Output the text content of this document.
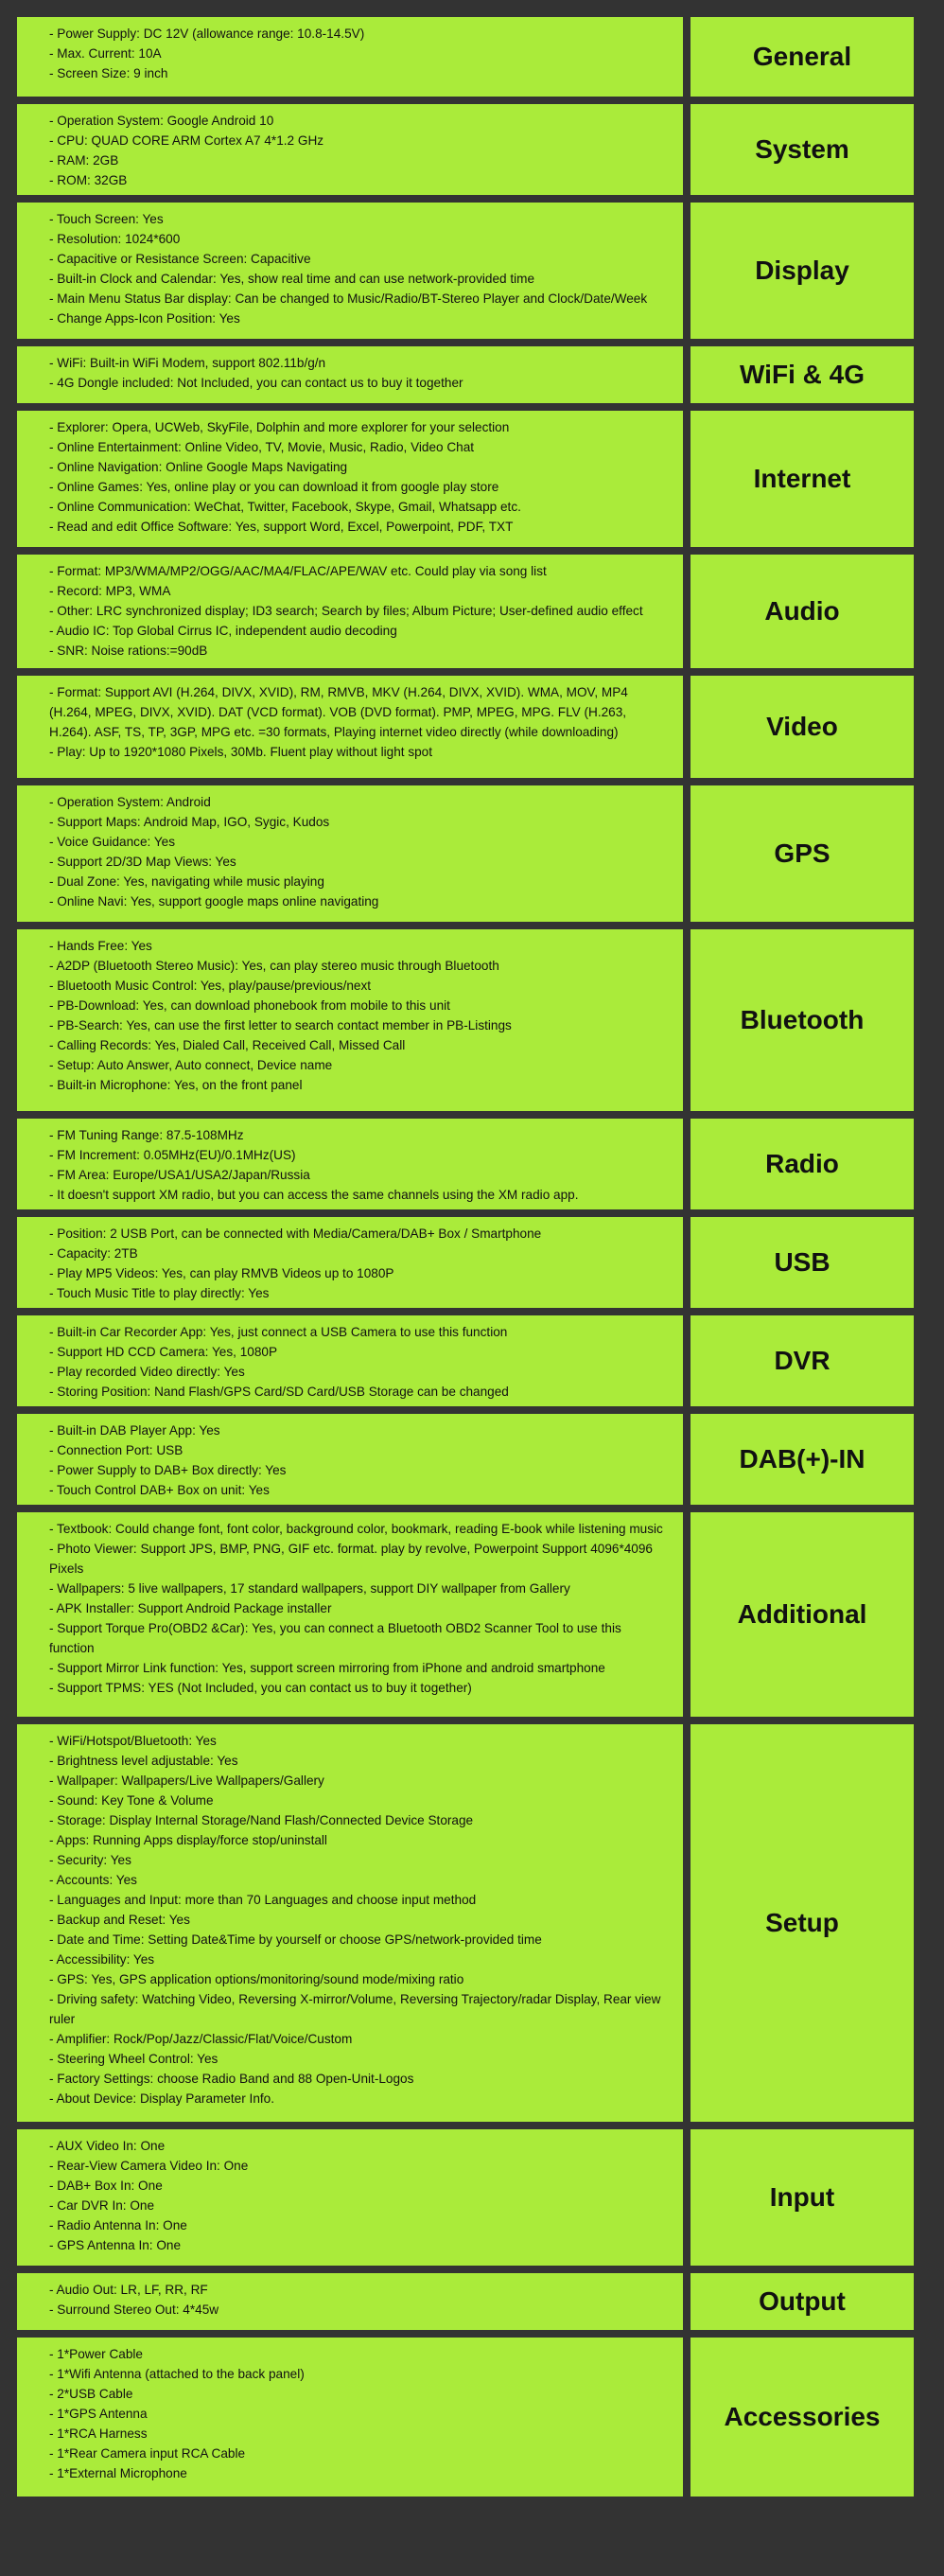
- Power Supply: DC 12V (allowance range: 10.8-14.5V)

- Max. Current: 10A

- Screen Size: 9 inch

General

- Operation System: Google Android 10

- CPU: QUAD CORE ARM Cortex A7 4*1.2 GHz

- RAM: 2GB

- ROM: 32GB

System

- Touch Screen: Yes

- Resolution: 1024*600

- Capacitive or Resistance Screen: Capacitive

- Built-in Clock and Calendar: Yes, show real time and can use network-provided time

- Main Menu Status Bar display: Can be changed to Music/Radio/BT-Stereo Player and Clock/Date/Week

- Change Apps-Icon Position: Yes

Display

- WiFi: Built-in WiFi Modem, support 802.11b/g/n

- 4G Dongle included: Not Included, you can contact us to buy it together	WiFi & 4G

- Explorer: Opera, UCWeb, SkyFile, Dolphin and more explorer for your selection

- Online Entertainment: Online Video, TV, Movie, Music, Radio, Video Chat

- Online Navigation: Online Google Maps Navigating

- Online Games: Yes, online play or you can download it from google play store

- Online Communication: WeChat, Twitter, Facebook, Skype, Gmail, Whatsapp etc.

- Read and edit Office Software: Yes, support Word, Excel, Powerpoint, PDF, TXT

Internet

- Format: MP3/WMA/MP2/OGG/AAC/MA4/FLAC/APE/WAV etc. Could play via song list

- Record: MP3, WMA

- Other: LRC synchronized display; ID3 search; Search by files; Album Picture; User-defined audio effect

- Audio IC: Top Global Cirrus IC, independent audio decoding

- SNR: Noise rations:=90dB

Audio

- Format: Support AVI (H.264, DIVX, XVID), RM, RMVB, MKV (H.264, DIVX, XVID). WMA, MOV, MP4 (H.264, MPEG, DIVX, XVID). DAT (VCD format). VOB (DVD format). PMP, MPEG, MPG. FLV (H.263, H.264). ASF, TS, TP, 3GP, MPG etc. =30 formats, Playing internet video directly (while downloading)

- Play: Up to 1920*1080 Pixels, 30Mb. Fluent play without light spot

Video

- Operation System: Android

- Support Maps: Android Map, IGO, Sygic, Kudos

- Voice Guidance: Yes

- Support 2D/3D Map Views: Yes

- Dual Zone: Yes, navigating while music playing

- Online Navi: Yes, support google maps online navigating

GPS

- Hands Free: Yes

- A2DP (Bluetooth Stereo Music): Yes, can play stereo music through Bluetooth

- Bluetooth Music Control: Yes, play/pause/previous/next

- PB-Download: Yes, can download phonebook from mobile to this unit

- PB-Search: Yes, can use the first letter to search contact member in PB-Listings

- Calling Records: Yes, Dialed Call, Received Call, Missed Call

- Setup: Auto Answer, Auto connect, Device name

- Built-in Microphone: Yes, on the front panel

Bluetooth

- FM Tuning Range: 87.5-108MHz

- FM Increment: 0.05MHz(EU)/0.1MHz(US)

- FM Area: Europe/USA1/USA2/Japan/Russia

- It doesn't support XM radio, but you can access the same channels using the XM radio app.

Radio

- Position: 2 USB Port, can be connected with Media/Camera/DAB+ Box / Smartphone

- Capacity: 2TB

- Play MP5 Videos: Yes, can play RMVB Videos up to 1080P

- Touch Music Title to play directly: Yes

USB

- Built-in Car Recorder App: Yes, just connect a USB Camera to use this function

- Support HD CCD Camera: Yes, 1080P

- Play recorded Video directly: Yes

- Storing Position: Nand Flash/GPS Card/SD Card/USB Storage can be changed

DVR

- Built-in DAB Player App: Yes

- Connection Port: USB

- Power Supply to DAB+ Box directly: Yes

- Touch Control DAB+ Box on unit: Yes

DAB(+)-IN

- Textbook: Could change font, font color, background color, bookmark, reading E-book while listening music

- Photo Viewer: Support JPS, BMP, PNG, GIF etc. format. play by revolve, Powerpoint Support 4096*4096 Pixels

- Wallpapers: 5 live wallpapers, 17 standard wallpapers, support DIY wallpaper from Gallery

- APK Installer: Support Android Package installer

- Support Torque Pro(OBD2 &Car): Yes, you can connect a Bluetooth OBD2 Scanner Tool to use this function

- Support Mirror Link function: Yes, support screen mirroring from iPhone and android smartphone

- Support TPMS: YES (Not Included, you can contact us to buy it together)

Additional

- WiFi/Hotspot/Bluetooth: Yes

- Brightness level adjustable: Yes

- Wallpaper: Wallpapers/Live Wallpapers/Gallery

- Sound: Key Tone & Volume

- Storage: Display Internal Storage/Nand Flash/Connected Device Storage

- Apps: Running Apps display/force stop/uninstall

- Security: Yes

- Accounts: Yes

- Languages and Input: more than 70 Languages and choose input method

- Backup and Reset: Yes

- Date and Time: Setting Date&Time by yourself or choose GPS/network-provided time

- Accessibility: Yes

- GPS: Yes, GPS application options/monitoring/sound mode/mixing ratio

- Driving safety: Watching Video, Reversing X-mirror/Volume, Reversing Trajectory/radar Display, Rear view ruler

- Amplifier: Rock/Pop/Jazz/Classic/Flat/Voice/Custom

- Steering Wheel Control: Yes

- Factory Settings: choose Radio Band and 88 Open-Unit-Logos

- About Device: Display Parameter Info.

Setup

- AUX Video In: One

- Rear-View Camera Video In: One

- DAB+ Box In: One

- Car DVR In: One

- Radio Antenna In: One

- GPS Antenna In: One

Input

- Audio Out: LR, LF, RR, RF

- Surround Stereo Out: 4*45w	Output

- 1*Power Cable

- 1*Wifi Antenna (attached to the back panel)

- 2*USB Cable

- 1*GPS Antenna

- 1*RCA Harness

- 1*Rear Camera input RCA Cable

- 1*External Microphone

Accessories
